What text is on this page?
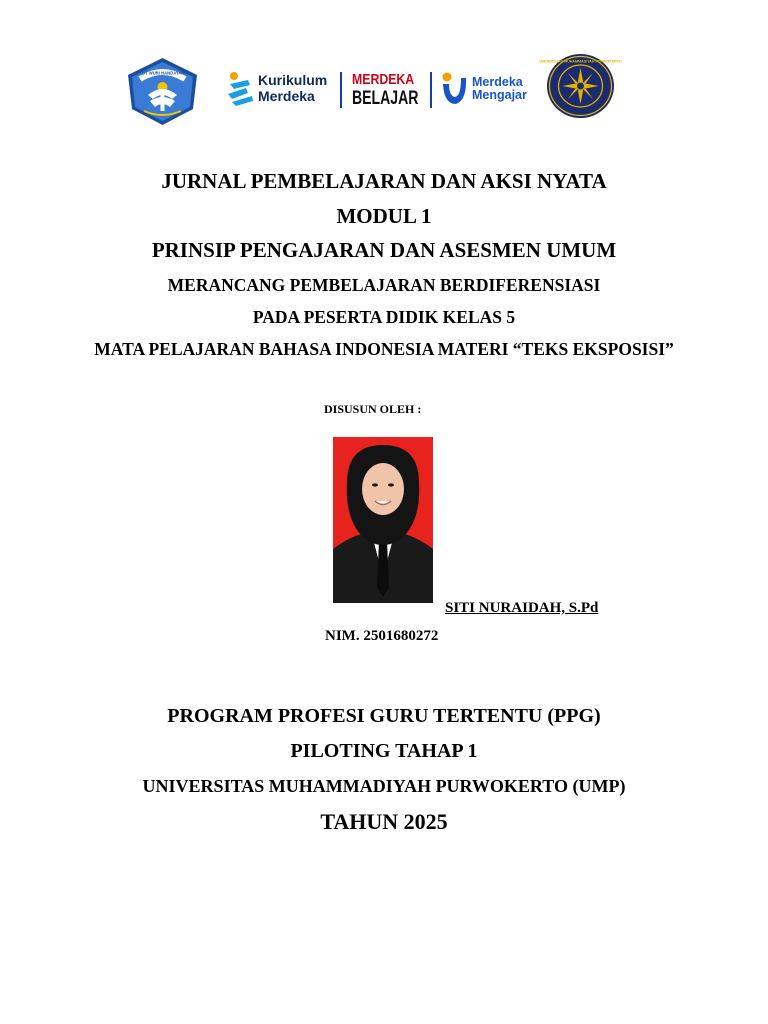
TUT WURI HANDAYANI	Kurikulum
Merdeka
MERDEKA
BELAJAR
Merdeka
Mengajar
UNIVERSITAS MUHAMMADIYAH PURWOKERTO
JURNAL PEMBELAJARAN DAN AKSI NYATA
MODUL 1
PRINSIP PENGAJARAN DAN ASESMEN UMUM
MERANCANG PEMBELAJARAN BERDIFERENSIASI
PADA PESERTA DIDIK KELAS 5
MATA PELAJARAN BAHASA INDONESIA MATERI “TEKS EKSPOSISI”
DISUSUN OLEH :
SITI NURAIDAH, S.Pd
NIM. 2501680272
PROGRAM PROFESI GURU TERTENTU (PPG)
PILOTING TAHAP 1
UNIVERSITAS MUHAMMADIYAH PURWOKERTO (UMP)
TAHUN 2025
